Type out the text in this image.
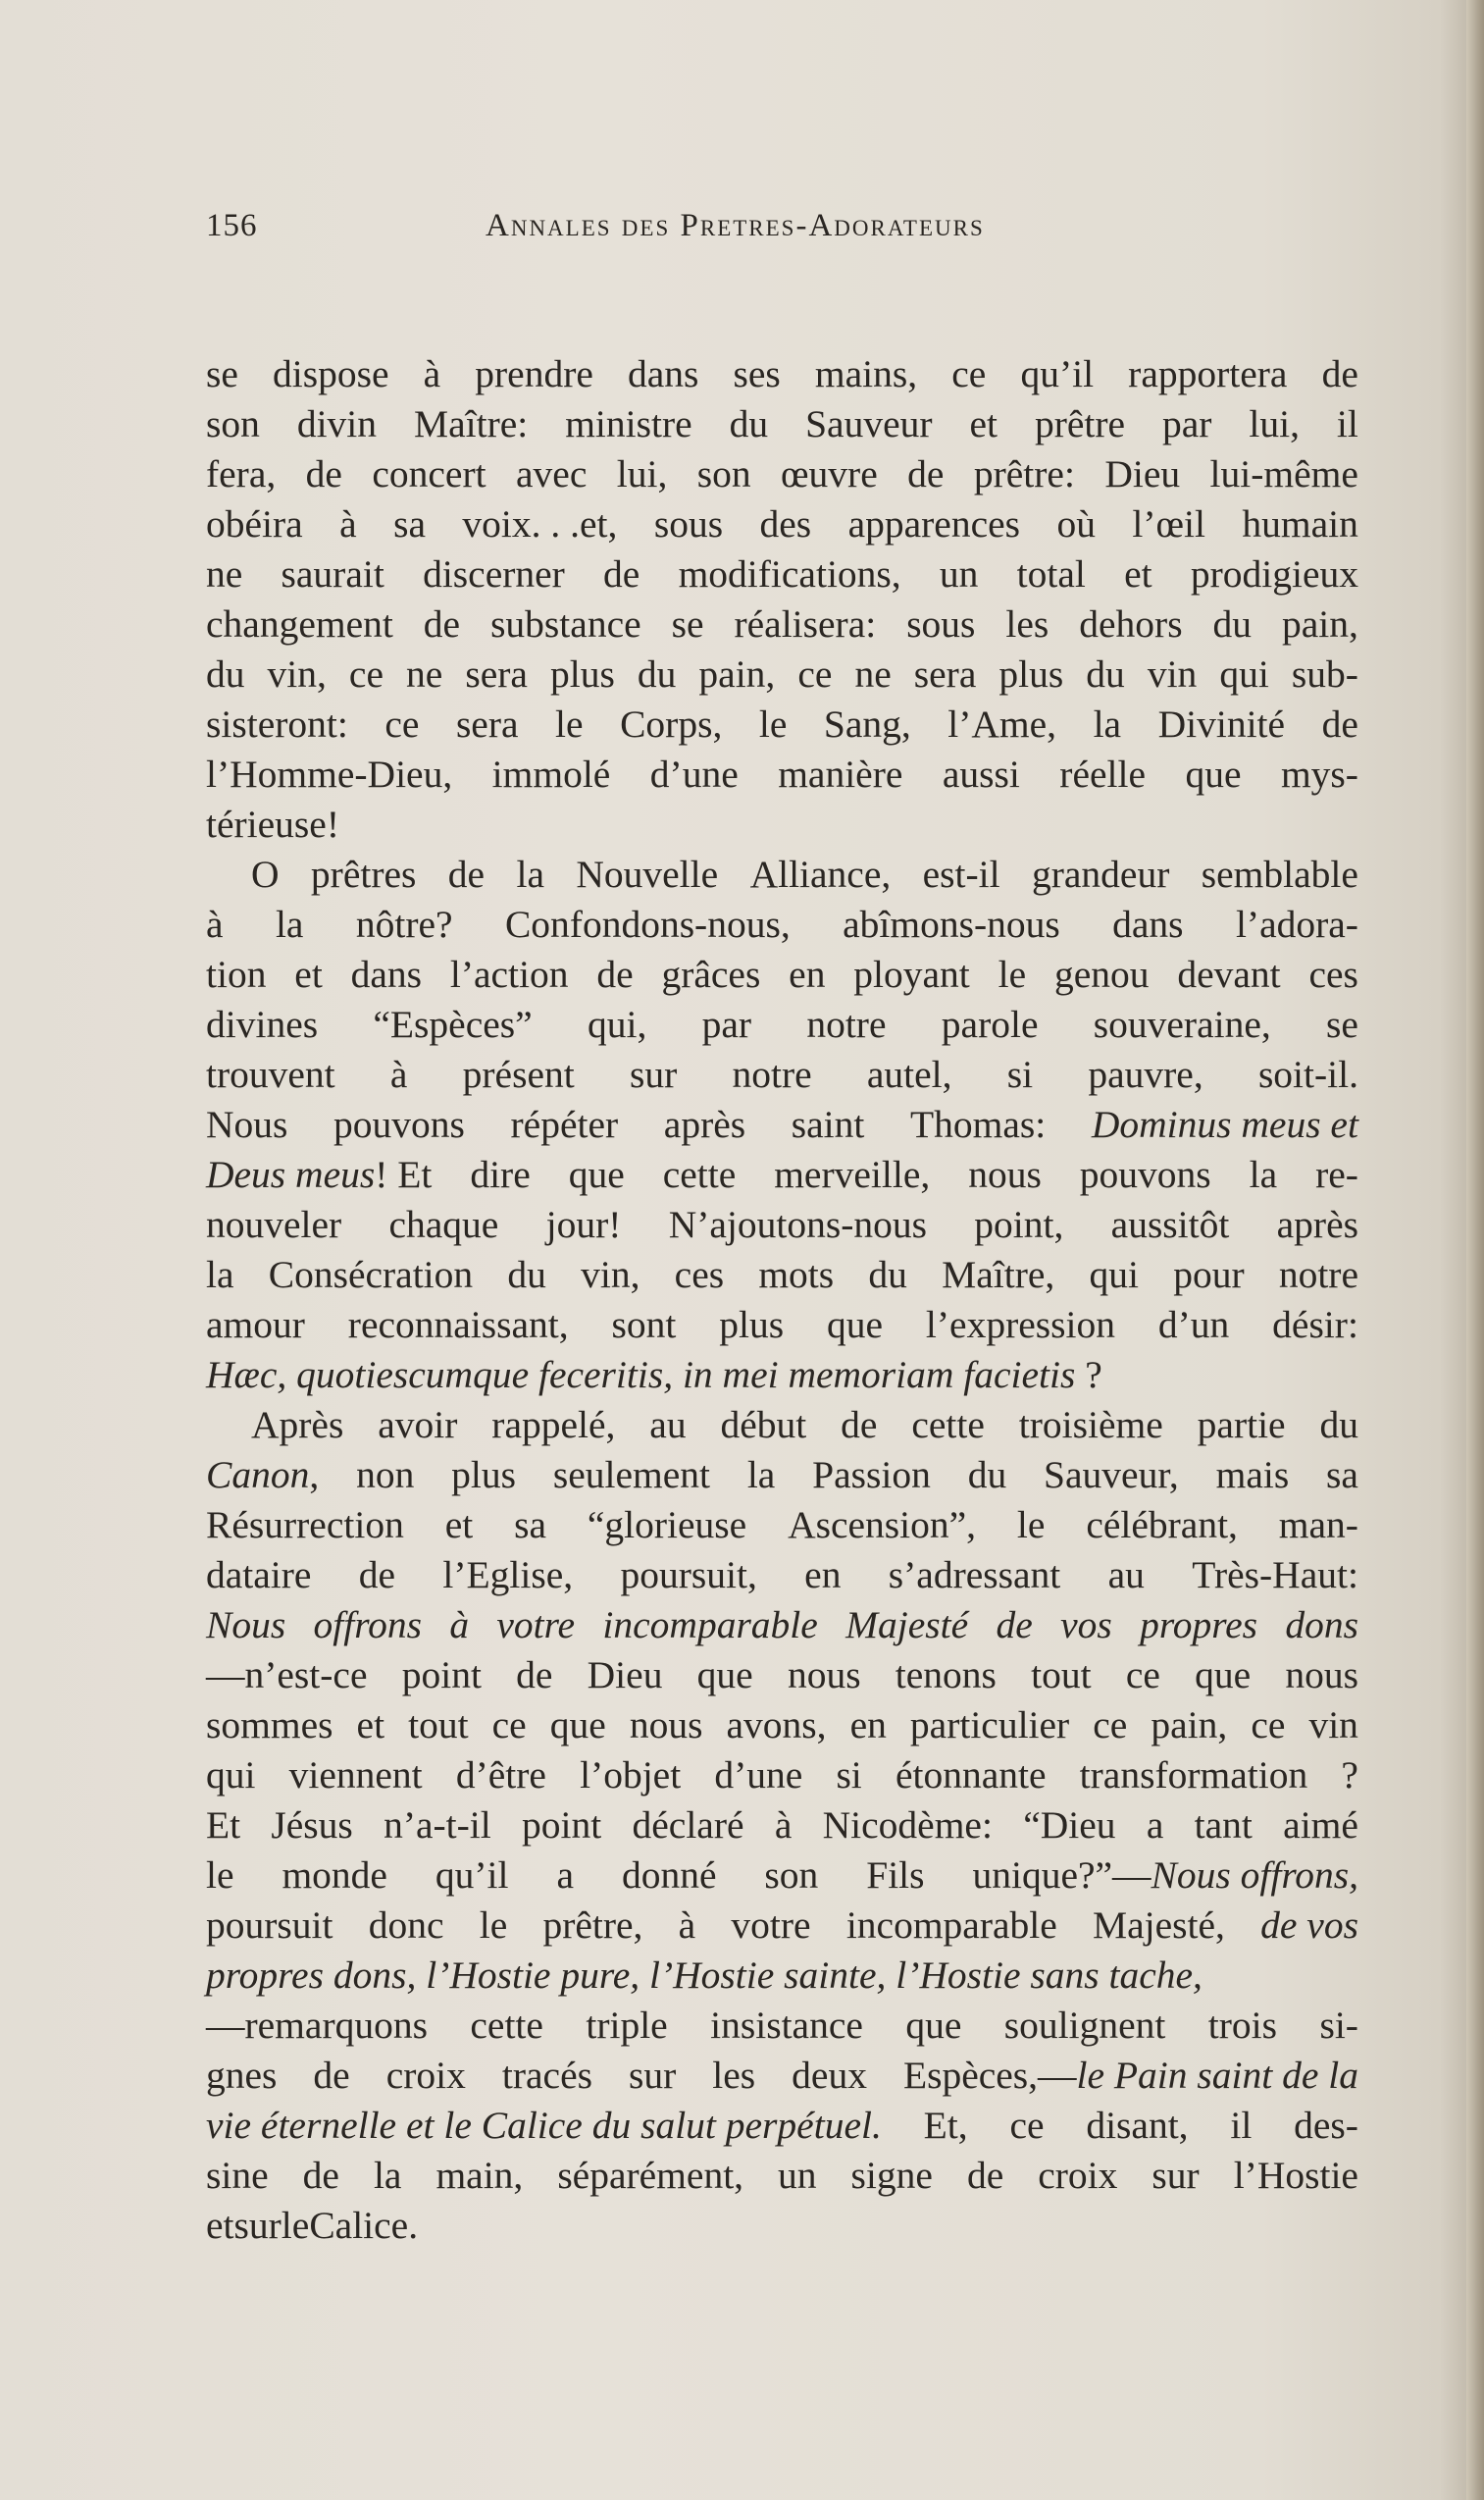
156	Annales des Pretres-Adorateurs
se dispose à prendre dans ses mains, ce qu’il rapportera de
son divin Maître: ministre du Sauveur et prêtre par lui, il
fera, de concert avec lui, son œuvre de prêtre: Dieu lui-même
obéira à sa voix. . .et, sous des apparences où l’œil humain
ne saurait discerner de modifications, un total et prodigieux
changement de substance se réalisera: sous les dehors du pain,
du vin, ce ne sera plus du pain, ce ne sera plus du vin qui sub-
sisteront: ce sera le Corps, le Sang, l’Ame, la Divinité de
l’Homme-Dieu, immolé d’une manière aussi réelle que mys-
térieuse!
O prêtres de la Nouvelle Alliance, est-il grandeur semblable
à la nôtre? Confondons-nous, abîmons-nous dans l’adora-
tion et dans l’action de grâces en ployant le genou devant ces
divines “Espèces” qui, par notre parole souveraine, se
trouvent à présent sur notre autel, si pauvre, soit-il.
Nous pouvons répéter après saint Thomas: Dominus meus et
Deus meus! Et dire que cette merveille, nous pouvons la re-
nouveler chaque jour! N’ajoutons-nous point, aussitôt après
la Consécration du vin, ces mots du Maître, qui pour notre
amour reconnaissant, sont plus que l’expression d’un désir:
Hæc, quotiescumque feceritis, in mei memoriam facietis ?
Après avoir rappelé, au début de cette troisième partie du
Canon, non plus seulement la Passion du Sauveur, mais sa
Résurrection et sa “glorieuse Ascension”, le célébrant, man-
dataire de l’Eglise, poursuit, en s’adressant au Très-Haut:
Nous offrons à votre incomparable Majesté de vos propres dons
—n’est-ce point de Dieu que nous tenons tout ce que nous
sommes et tout ce que nous avons, en particulier ce pain, ce vin
qui viennent d’être l’objet d’une si étonnante transformation ?
Et Jésus n’a-t-il point déclaré à Nicodème: “Dieu a tant aimé
le monde qu’il a donné son Fils unique?”—Nous offrons,
poursuit donc le prêtre, à votre incomparable Majesté, de vos
propres dons, l’Hostie pure, l’Hostie sainte, l’Hostie sans tache,
—remarquons cette triple insistance que soulignent trois si-
gnes de croix tracés sur les deux Espèces,—le Pain saint de la
vie éternelle et le Calice du salut perpétuel. Et, ce disant, il des-
sine de la main, séparément, un signe de croix sur l’Hostie
et sur le Calice.
